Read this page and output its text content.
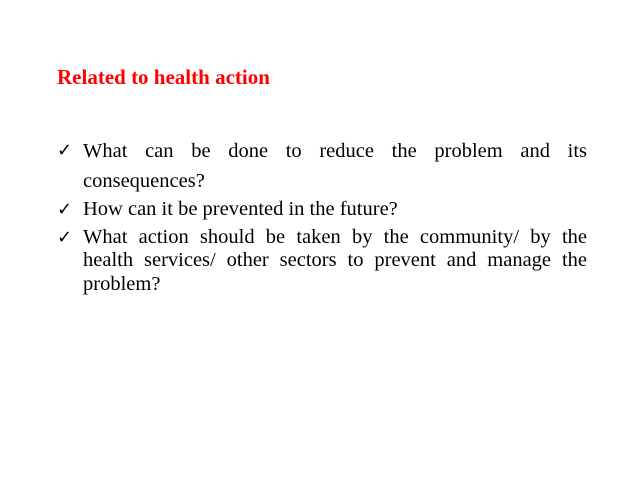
Related to health action
✓ What can be done to reduce the problem and its consequences?
✓ How can it be prevented in the future?
✓ What action should be taken by the community/ by the health services/ other sectors to prevent and manage the problem?
